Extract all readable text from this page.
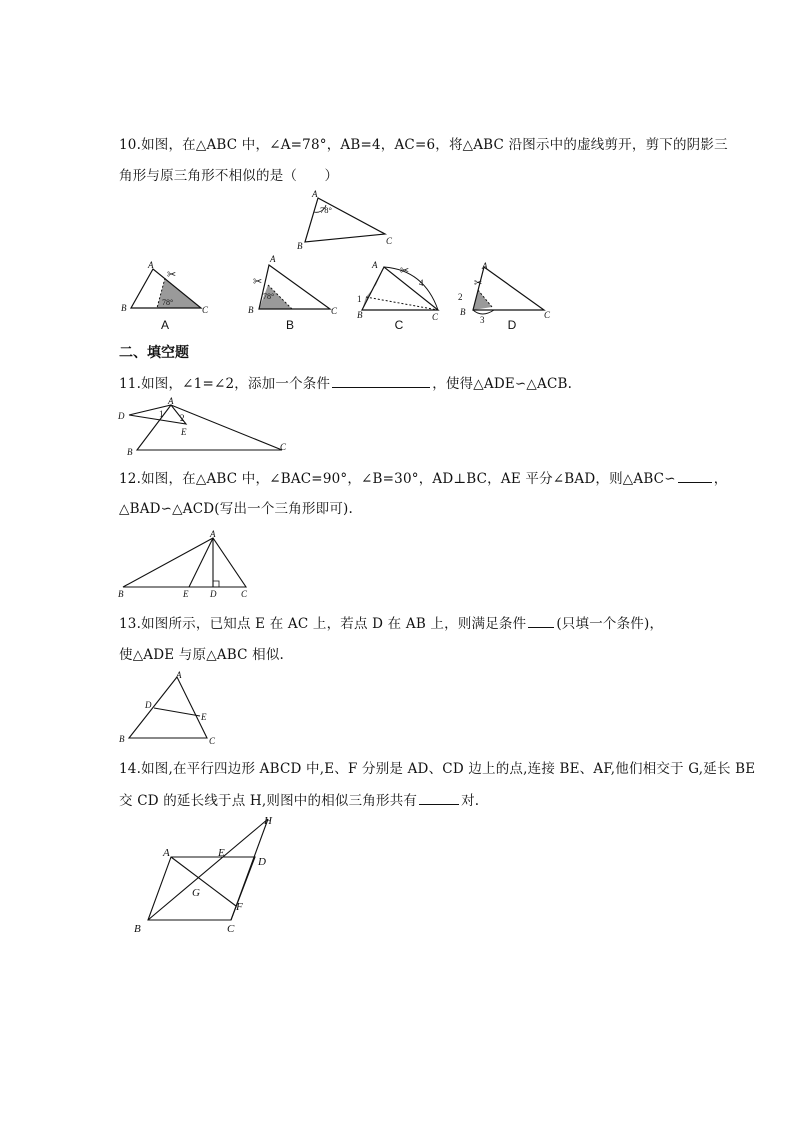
10.如图，在△ABC 中，∠A=78°，AB=4，AC=6，将△ABC 沿图示中的虚线剪开，剪下的阴影三
角形与原三角形不相似的是（　　）
A
78°
B	C
✂
A
78°
B	C
✂
A
78°
B	C
✂
A
1
4
B	C
✂
A
2
3
B	C
A	B	C	D
二、填空题
11.如图，∠1=∠2，添加一个条件	，使得△ADE∽△ACB.
A
D
E
B	C
1 2
12.如图，在△ABC 中，∠BAC=90°，∠B=30°，AD⊥BC，AE 平分∠BAD，则△ABC∽	，
△BAD∽△ACD(写出一个三角形即可).
A
B	E D	C
13.如图所示，已知点 E 在 AC 上，若点 D 在 AB 上，则满足条件 (只填一个条件)，
使△ADE 与原△ABC 相似.
A
D
E
B	C
14.如图,在平行四边形 ABCD 中,E、F 分别是 AD、CD 边上的点,连接 BE、AF,他们相交于 G,延长 BE
交 CD 的延长线于点 H,则图中的相似三角形共有	对.
H
A	E
D
G
F
B	C
